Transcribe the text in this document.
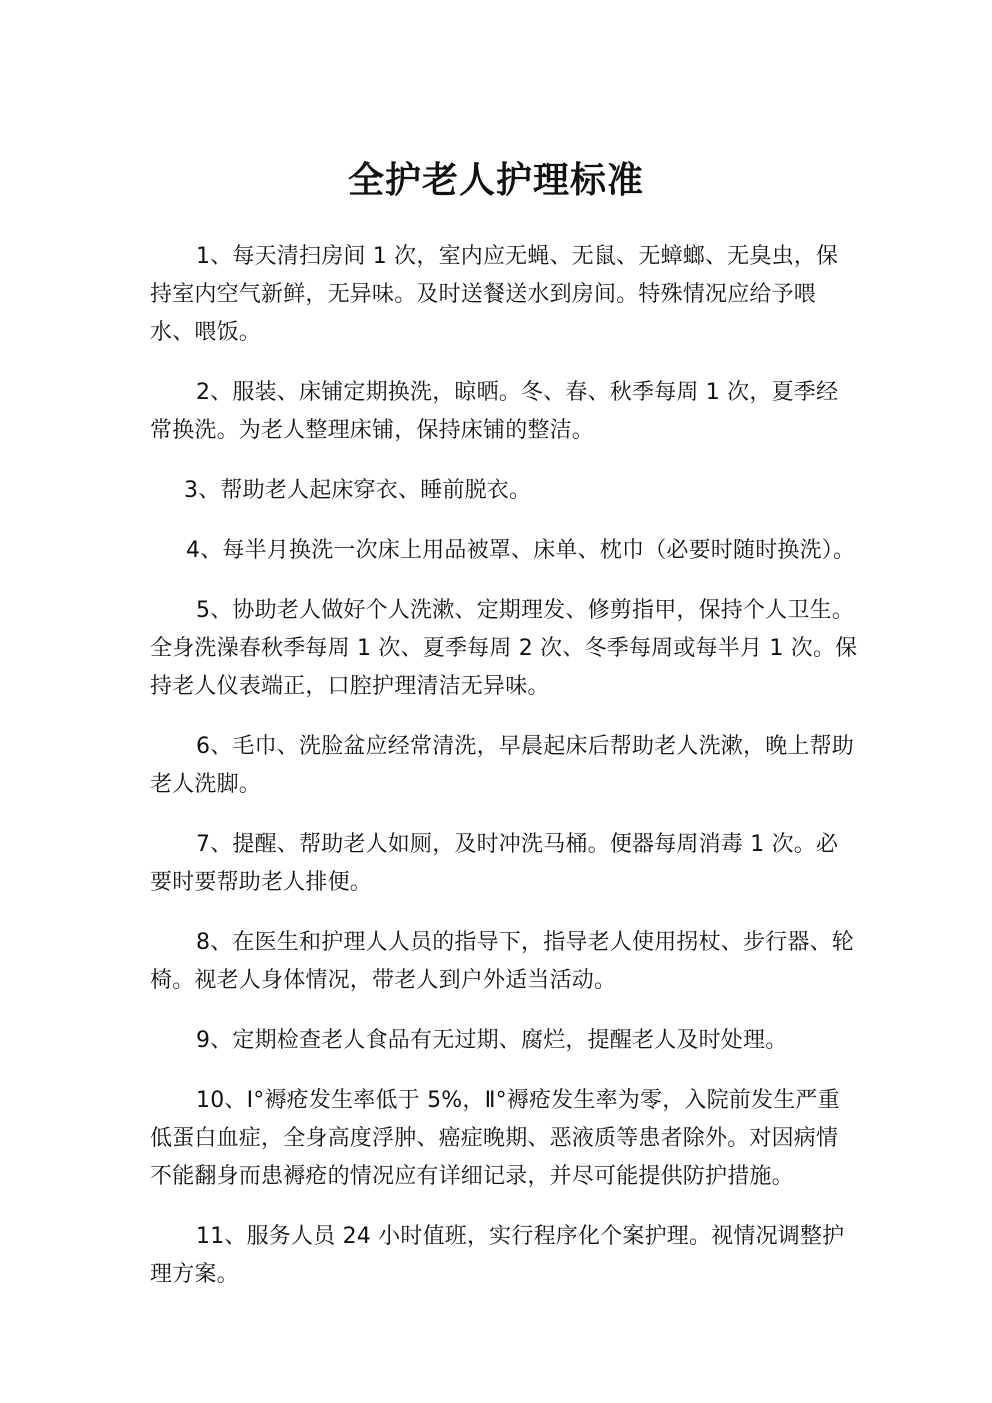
全护老人护理标准

1、每天清扫房间 1 次，室内应无蝇、无鼠、无蟑螂、无臭虫，保持室内空气新鲜，无异味。及时送餐送水到房间。特殊情况应给予喂水、喂饭。

2、服装、床铺定期换洗，晾晒。冬、春、秋季每周 1 次，夏季经常换洗。为老人整理床铺，保持床铺的整洁。

3、帮助老人起床穿衣、睡前脱衣。

4、每半月换洗一次床上用品被罩、床单、枕巾（必要时随时换洗）。

5、协助老人做好个人洗漱、定期理发、修剪指甲，保持个人卫生。全身洗澡春秋季每周 1 次、夏季每周 2 次、冬季每周或每半月 1 次。保持老人仪表端正，口腔护理清洁无异味。

6、毛巾、洗脸盆应经常清洗，早晨起床后帮助老人洗漱，晚上帮助老人洗脚。

7、提醒、帮助老人如厕，及时冲洗马桶。便器每周消毒 1 次。必要时要帮助老人排便。

8、在医生和护理人人员的指导下，指导老人使用拐杖、步行器、轮椅。视老人身体情况，带老人到户外适当活动。

9、定期检查老人食品有无过期、腐烂，提醒老人及时处理。

10、I°褥疮发生率低于 5%，Ⅱ°褥疮发生率为零，入院前发生严重低蛋白血症，全身高度浮肿、癌症晚期、恶液质等患者除外。对因病情不能翻身而患褥疮的情况应有详细记录，并尽可能提供防护措施。

11、服务人员 24 小时值班，实行程序化个案护理。视情况调整护理方案。
